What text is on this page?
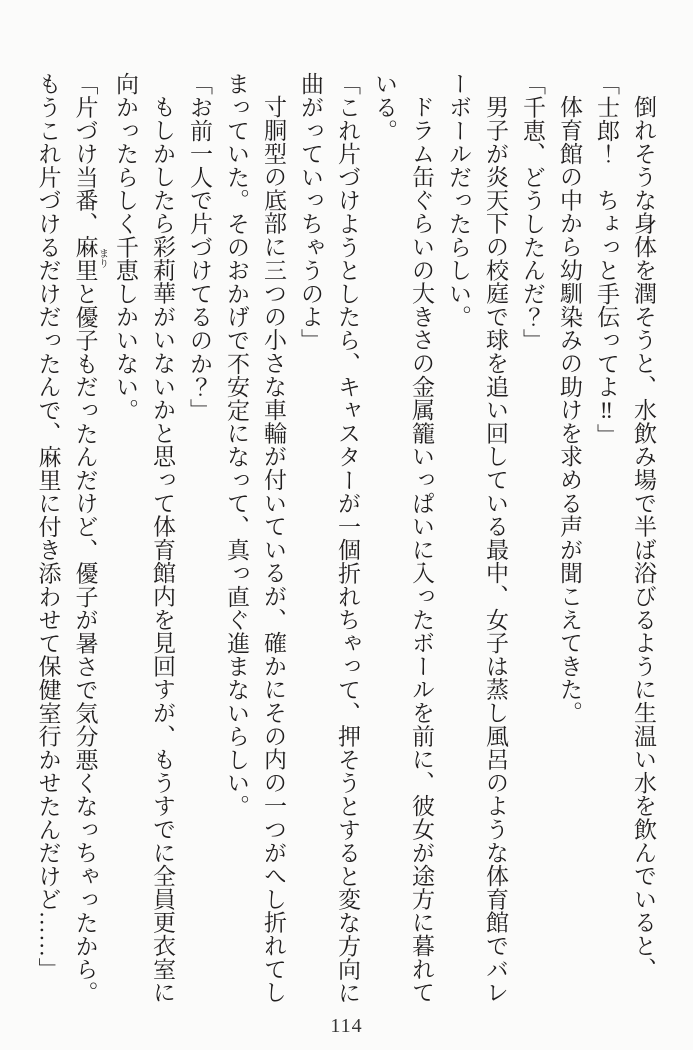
倒れそうな身体を潤そうと、水飲み場で半ば浴びるように生温い水を飲んでいると、
「士郎！　ちょっと手伝ってよ‼」
体育館の中から幼馴染みの助けを求める声が聞こえてきた。
「千恵、どうしたんだ？」
男子が炎天下の校庭で球を追い回している最中、女子は蒸し風呂のような体育館でバレ
ーボールだったらしい。
ドラム缶ぐらいの大きさの金属籠いっぱいに入ったボールを前に、彼女が途方に暮れて
いる。
「これ片づけようとしたら、キャスターが一個折れちゃって、押そうとすると変な方向に
曲がっていっちゃうのよ」
寸胴型の底部に三つの小さな車輪が付いているが、確かにその内の一つがへし折れてし
まっていた。そのおかげで不安定になって、真っ直ぐ進まないらしい。
「お前一人で片づけてるのか？」
もしかしたら彩莉華がいないかと思って体育館内を見回すが、もうすでに全員更衣室に
向かったらしく千恵しかいない。
「片づけ当番、麻里 まりと優子もだったんだけど、優子が暑さで気分悪くなっちゃったから。
もうこれ片づけるだけだったんで、麻里に付き添わせて保健室行かせたんだけど……」
114
